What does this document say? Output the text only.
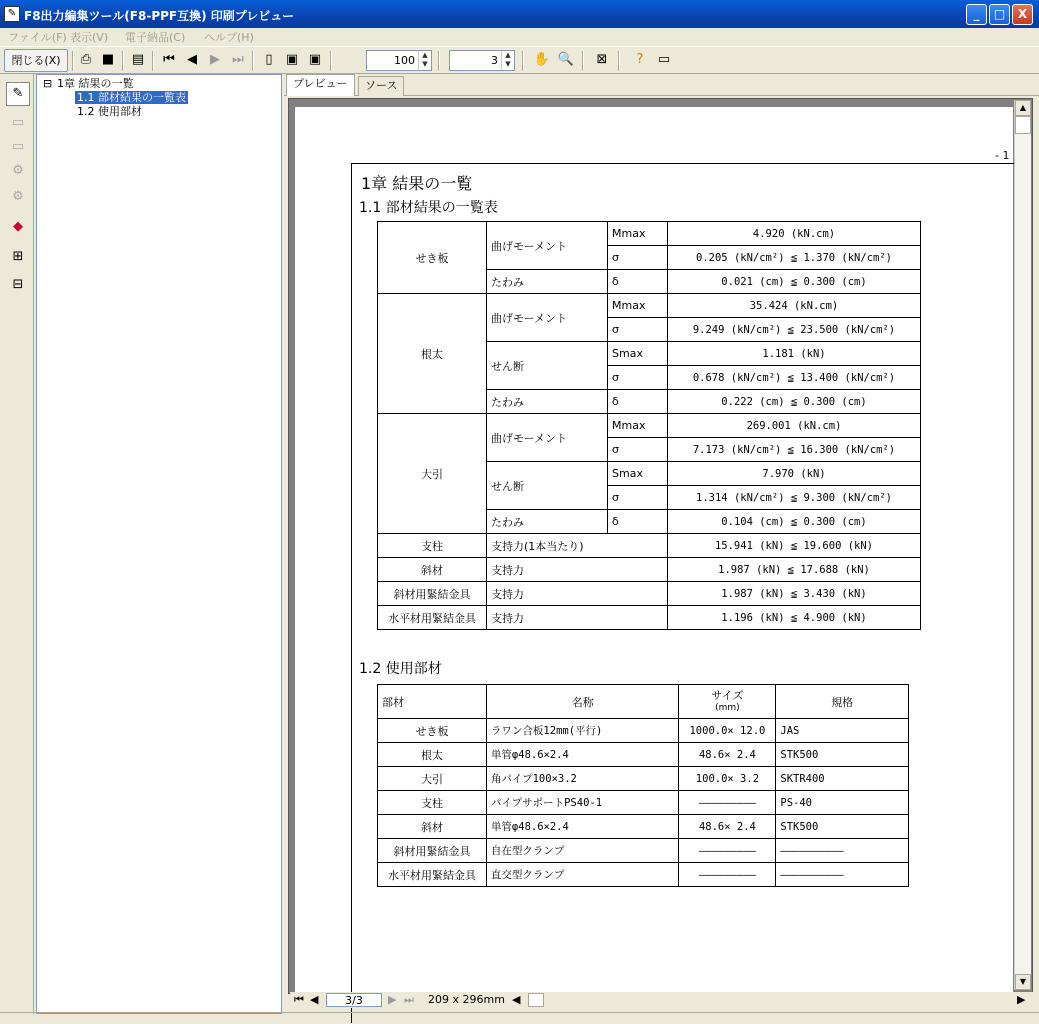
✎ F8出力編集ツール(F8-PPF互換) 印刷プレビュー	_	□	X
ファイル(F) 表示(V) 電子納品(C) ヘルプ(H)
閉じる(X)	⎙ ■ ▤ ⏮ ◀	▶ ⏭	▯	▣ ▣	100	▲
▼	3	▲
▼ ✋ 🔍	⊠	?	▭
✎
▭
▭
⚙
⚙
◆
⊞
⊟
⊟ 1章 結果の一覧
1.1 部材結果の一覧表
1.2 使用部材
プレビュー	ソース
- 1
1章 結果の一覧
1.1 部材結果の一覧表
せき板	曲げモーメント	Mmax	4.920 (kN.cm)
		σ	0.205 (kN/cm²) ≦ 1.370 (kN/cm²)
	たわみ	δ	0.021 (cm) ≦ 0.300 (cm)
根太	曲げモーメント	Mmax	35.424 (kN.cm)
		σ	9.249 (kN/cm²) ≦ 23.500 (kN/cm²)
	せん断	Smax	1.181 (kN)
		σ	0.678 (kN/cm²) ≦ 13.400 (kN/cm²)
	たわみ	δ	0.222 (cm) ≦ 0.300 (cm)
大引	曲げモーメント	Mmax	269.001 (kN.cm)
		σ	7.173 (kN/cm²) ≦ 16.300 (kN/cm²)
	せん断	Smax	7.970 (kN)
		σ	1.314 (kN/cm²) ≦ 9.300 (kN/cm²)
	たわみ	δ	0.104 (cm) ≦ 0.300 (cm)
支柱	支持力(1本当たり)		15.941 (kN) ≦ 19.600 (kN)
斜材	支持力		1.987 (kN) ≦ 17.688 (kN)
斜材用緊結金具	支持力		1.987 (kN) ≦ 3.430 (kN)
水平材用緊結金具	支持力		1.196 (kN) ≦ 4.900 (kN)
1.2 使用部材
部材	名称	サイズ
(mm)	規格
せき板	ラワン合板12mm(平行)	1000.0× 12.0	JAS
根太	単管φ48.6×2.4	48.6× 2.4	STK500
大引	角パイプ100×3.2	100.0× 3.2	SKTR400
支柱	パイプサポートPS40-1	—————————	PS-40
斜材	単管φ48.6×2.4	48.6× 2.4	STK500
斜材用緊結金具	自在型クランプ	—————————	——————————
水平材用緊結金具	直交型クランプ	—————————	——————————
▲
▼
⏮ ◀	3/3	▶ ⏭ 209 x 296mm ◀	▶
